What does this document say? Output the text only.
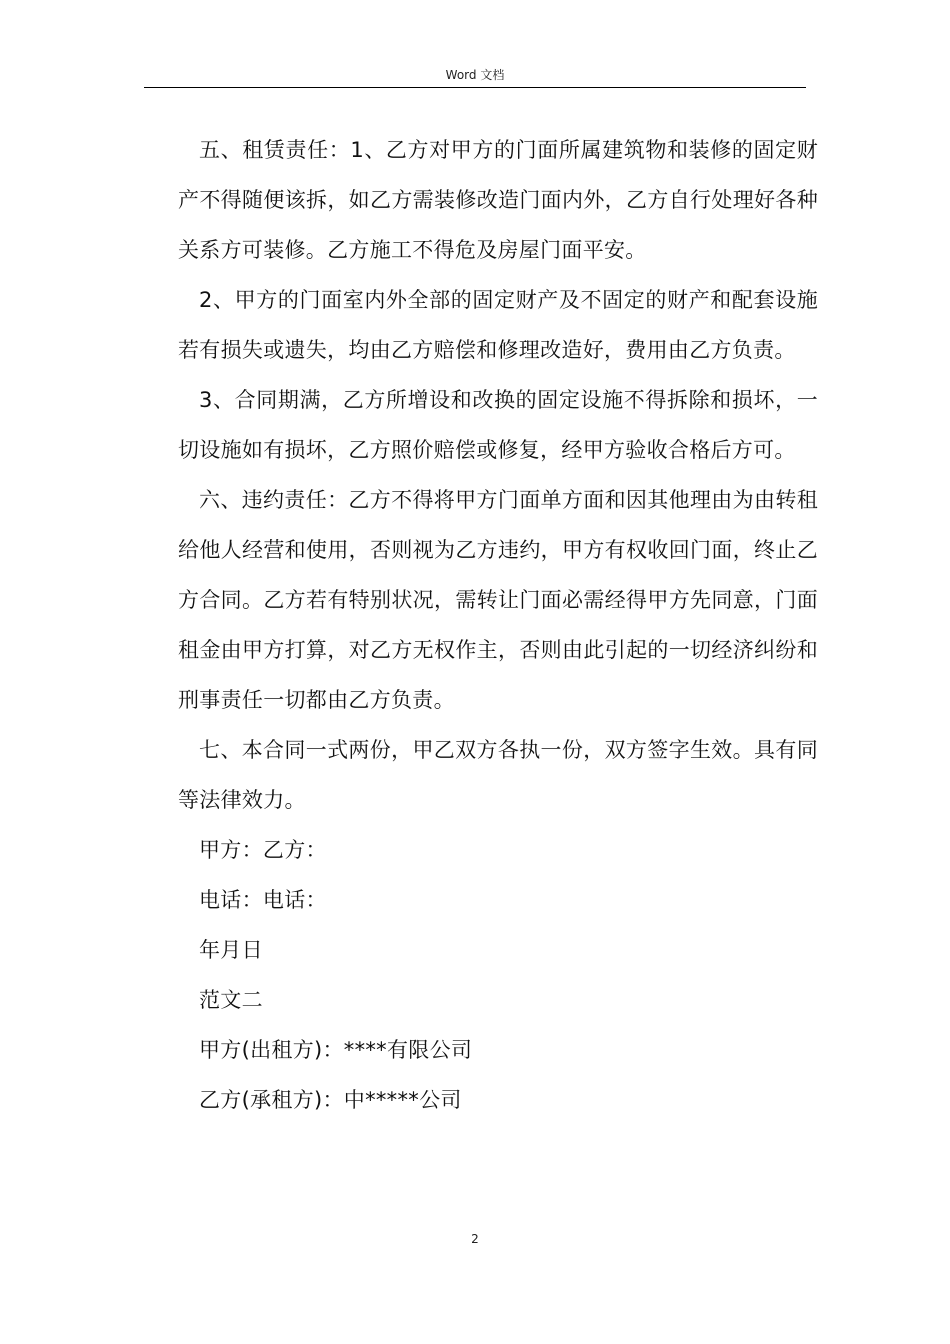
Word 文档

五、租赁责任：1、乙方对甲方的门面所属建筑物和装修的固定财产不得随便该拆，如乙方需装修改造门面内外，乙方自行处理好各种关系方可装修。乙方施工不得危及房屋门面平安。

2、甲方的门面室内外全部的固定财产及不固定的财产和配套设施若有损失或遗失，均由乙方赔偿和修理改造好，费用由乙方负责。

3、合同期满，乙方所增设和改换的固定设施不得拆除和损坏，一切设施如有损坏，乙方照价赔偿或修复，经甲方验收合格后方可。

六、违约责任：乙方不得将甲方门面单方面和因其他理由为由转租给他人经营和使用，否则视为乙方违约，甲方有权收回门面，终止乙方合同。乙方若有特别状况，需转让门面必需经得甲方先同意，门面租金由甲方打算，对乙方无权作主，否则由此引起的一切经济纠纷和刑事责任一切都由乙方负责。

七、本合同一式两份，甲乙双方各执一份，双方签字生效。具有同等法律效力。

甲方：乙方：

电话：电话：

年月日

范文二

甲方(出租方)：****有限公司

乙方(承租方)：中*****公司

2
